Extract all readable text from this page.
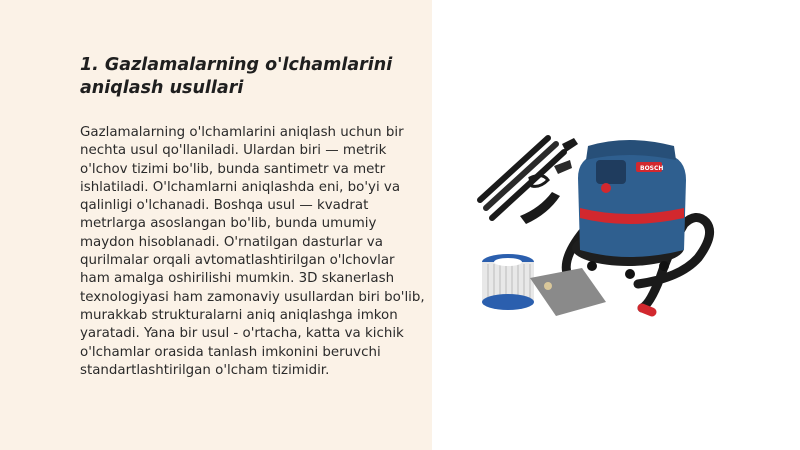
1. Gazlamalarning o'lchamlarini aniqlash usullari

Gazlamalarning o'lchamlarini aniqlash uchun bir nechta usul qo'llaniladi. Ulardan biri — metrik o'lchov tizimi bo'lib, bunda santimetr va metr ishlatiladi. O'lchamlarni aniqlashda eni, bo'yi va qalinligi o'lchanadi. Boshqa usul — kvadrat metrlarga asoslangan bo'lib, bunda umumiy maydon hisoblanadi. O'rnatilgan dasturlar va qurilmalar orqali avtomatlashtirilgan o'lchovlar ham amalga oshirilishi mumkin. 3D skanerlash texnologiyasi ham zamonaviy usullardan biri bo'lib, murakkab strukturalarni aniq aniqlashga imkon yaratadi. Yana bir usul - o'rtacha, katta va kichik o'lchamlar orasida tanlash imkonini beruvchi standartlashtirilgan o'lcham tizimidir.

BOSCH
